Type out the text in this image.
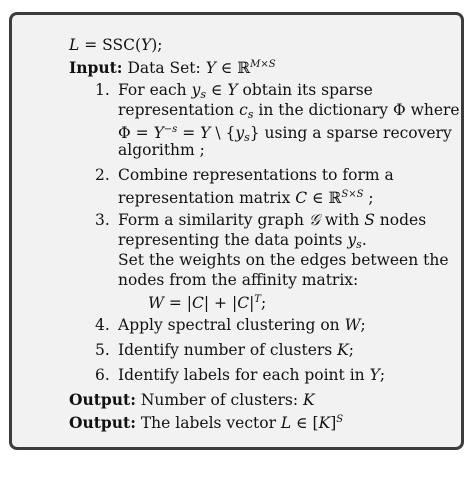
L = SSC(Y);
Input: Data Set: Y ∈ ℝ$^{M\times S}$
1. For each $y_s$ ∈ Y obtain its sparse
representation $c_s$ in the dictionary Φ where
$\Phi = Y^{-s} = Y$ \ $\{y_s\}$ using a sparse recovery
algorithm ;
2. Combine representations to form a
representation matrix C ∈ ℝ$^{S\times S}$ ;
3. Form a similarity graph 𝒢 with S nodes
representing the data points $y_s$.
Set the weights on the edges between the
nodes from the affinity matrix:
$W = |C| + |C|^T$;
4. Apply spectral clustering on W;
5. Identify number of clusters K;
6. Identify labels for each point in Y;
Output: Number of clusters: K
Output: The labels vector L ∈ $[K]^S$
